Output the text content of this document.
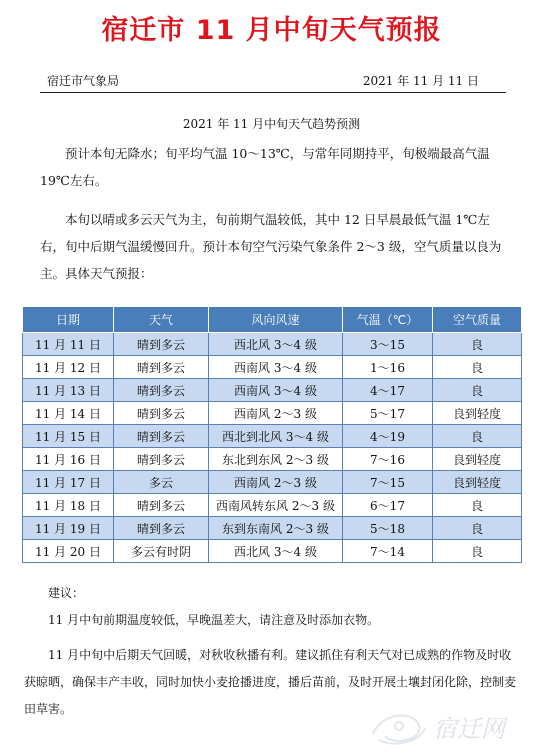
宿迁市 11 月中旬天气预报
宿迁市气象局	2021 年 11 月 11 日
2021 年 11 月中旬天气趋势预测

预计本旬无降水；旬平均气温 10～13℃，与常年同期持平，旬极端最高气温 19℃左右。

本旬以晴或多云天气为主，旬前期气温较低，其中 12 日早晨最低气温 1℃左右，旬中后期气温缓慢回升。预计本旬空气污染气象条件 2～3 级，空气质量以良为主。具体天气预报：

日期	天气	风向风速	气温（℃）	空气质量
11 月 11 日	晴到多云	西北风 3～4 级	3～15	良
11 月 12 日	晴到多云	西南风 3～4 级	1～16	良
11 月 13 日	晴到多云	西南风 3～4 级	4～17	良
11 月 14 日	晴到多云	西南风 2～3 级	5～17	良到轻度
11 月 15 日	晴到多云	西北到北风 3～4 级	4～19	良
11 月 16 日	晴到多云	东北到东风 2～3 级	7～16	良到轻度
11 月 17 日	多云	西南风 2～3 级	7～15	良到轻度
11 月 18 日	晴到多云	西南风转东风 2～3 级	6～17	良
11 月 19 日	晴到多云	东到东南风 2～3 级	5～18	良
11 月 20 日	多云有时阴	西北风 3～4 级	7～14	良
建议：

11 月中旬前期温度较低，早晚温差大，请注意及时添加衣物。

11 月中旬中后期天气回暖，对秋收秋播有利。建议抓住有利天气对已成熟的作物及时收获晾晒，确保丰产丰收，同时加快小麦抢播进度，播后苗前，及时开展土壤封闭化除，控制麦田草害。

宿迁网
